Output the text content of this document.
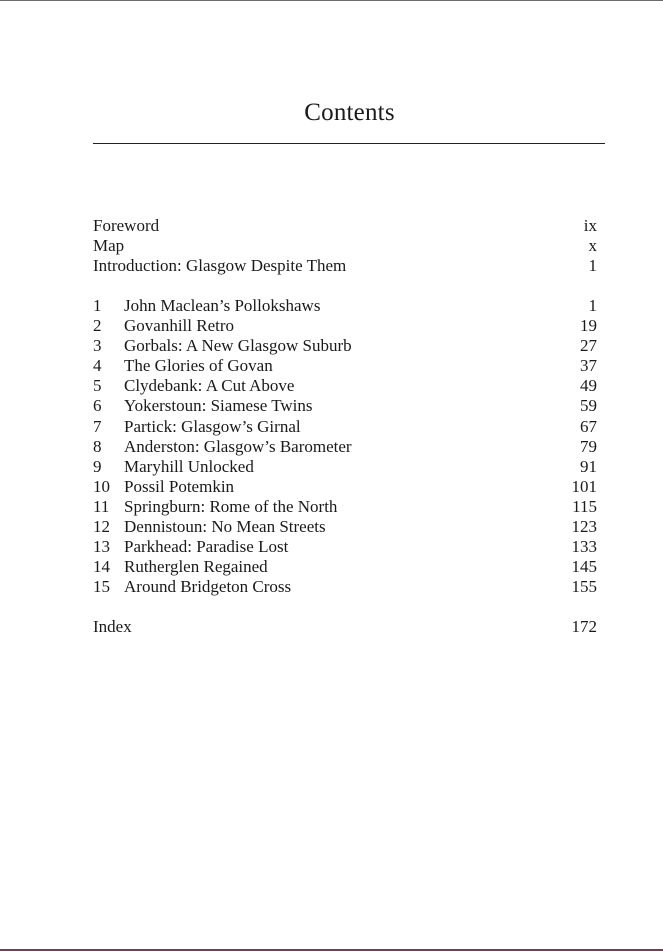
Contents
Foreword	ix
Map	x
Introduction: Glasgow Despite Them	1
1 John Maclean’s Pollokshaws	1
2 Govanhill Retro	19
3 Gorbals: A New Glasgow Suburb	27
4 The Glories of Govan	37
5 Clydebank: A Cut Above	49
6 Yokerstoun: Siamese Twins	59
7 Partick: Glasgow’s Girnal	67
8 Anderston: Glasgow’s Barometer	79
9 Maryhill Unlocked	91
10 Possil Potemkin	101
11 Springburn: Rome of the North	115
12 Dennistoun: No Mean Streets	123
13 Parkhead: Paradise Lost	133
14 Rutherglen Regained	145
15 Around Bridgeton Cross	155
Index	172
